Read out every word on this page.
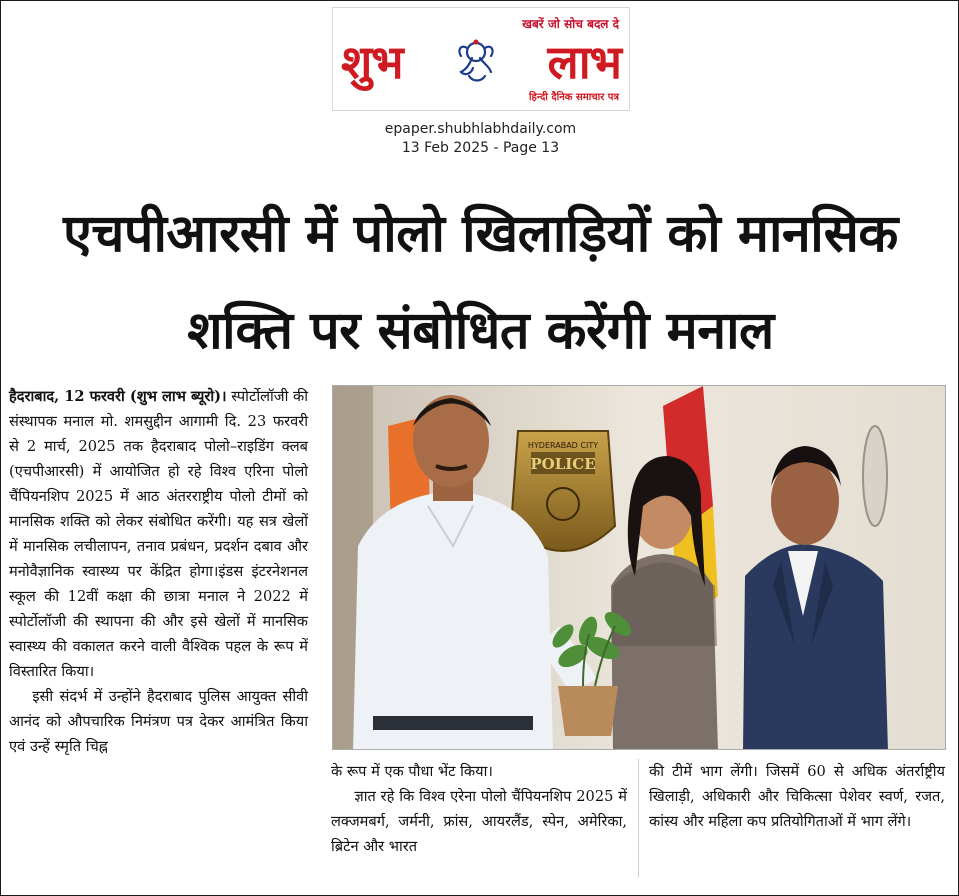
खबरें जो सोच बदल दे
शुभ	लाभ
हिन्दी दैनिक समाचार पत्र
epaper.shubhlabhdaily.com
13 Feb 2025 - Page 13
एचपीआरसी में पोलो खिलाड़ियों को मानसिक
शक्ति पर संबोधित करेंगी मनाल

हैदराबाद, 12 फरवरी (शुभ लाभ ब्यूरो)। स्पोर्टोलॉजी की संस्थापक मनाल मो. शमसुद्दीन आगामी दि. 23 फरवरी से 2 मार्च, 2025 तक हैदराबाद पोलो–राइडिंग क्लब (एचपीआरसी) में आयोजित हो रहे विश्व एरिना पोलो चैंपियनशिप 2025 में आठ अंतरराष्ट्रीय पोलो टीमों को मानसिक शक्ति को लेकर संबोधित करेंगी। यह सत्र खेलों में मानसिक लचीलापन, तनाव प्रबंधन, प्रदर्शन दबाव और मनोवैज्ञानिक स्वास्थ्य पर केंद्रित होगा।इंडस इंटरनेशनल स्कूल की 12वीं कक्षा की छात्रा मनाल ने 2022 में स्पोर्टोलॉजी की स्थापना की और इसे खेलों में मानसिक स्वास्थ्य की वकालत करने वाली वैश्विक पहल के रूप में विस्तारित किया।

इसी संदर्भ में उन्होंने हैदराबाद पुलिस आयुक्त सीवी आनंद को औपचारिक निमंत्रण पत्र देकर आमंत्रित किया एवं उन्हें स्मृति चिह्न

HYDERABAD CITY
POLICE

के रूप में एक पौधा भेंट किया।

ज्ञात रहे कि विश्व एरेना पोलो चैंपियनशिप 2025 में लक्जमबर्ग, जर्मनी, फ्रांस, आयरलैंड, स्पेन, अमेरिका, ब्रिटेन और भारत

की टीमें भाग लेंगी। जिसमें 60 से अधिक अंतर्राष्ट्रीय खिलाड़ी, अधिकारी और चिकित्सा पेशेवर स्वर्ण, रजत, कांस्य और महिला कप प्रतियोगिताओं में भाग लेंगे।
